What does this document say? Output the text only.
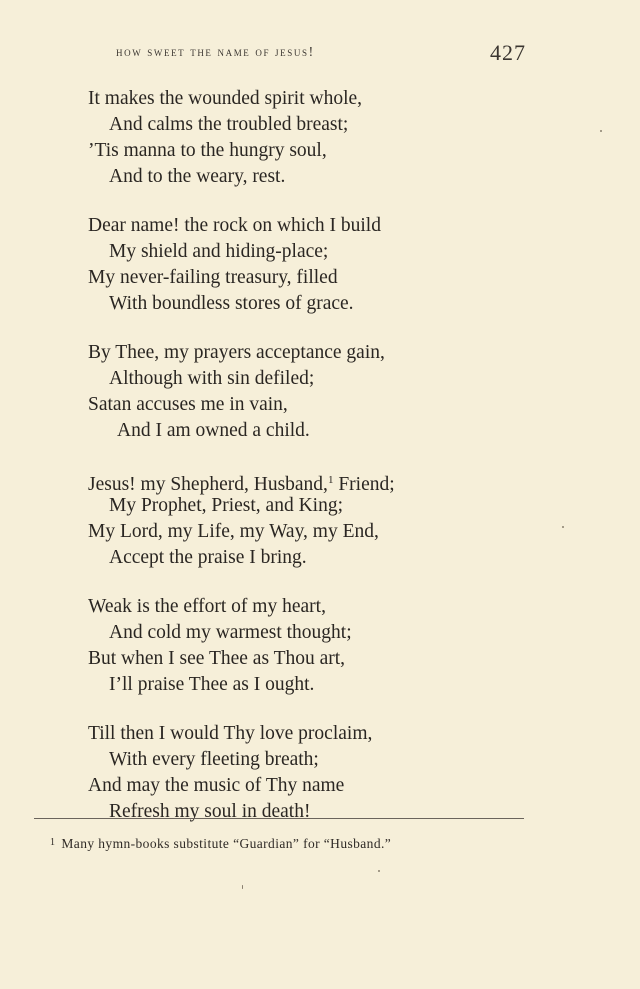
how sweet the name of jesus!	427
It makes the wounded spirit whole,
And calms the troubled breast;
’Tis manna to the hungry soul,
And to the weary, rest.
Dear name! the rock on which I build
My shield and hiding-place;
My never-failing treasury, filled
With boundless stores of grace.
By Thee, my prayers acceptance gain,
Although with sin defiled;
Satan accuses me in vain,
And I am owned a child.
Jesus! my Shepherd, Husband,$^1$ Friend;
My Prophet, Priest, and King;
My Lord, my Life, my Way, my End,
Accept the praise I bring.
Weak is the effort of my heart,
And cold my warmest thought;
But when I see Thee as Thou art,
I’ll praise Thee as I ought.
Till then I would Thy love proclaim,
With every fleeting breath;
And may the music of Thy name
Refresh my soul in death!
$^1$ Many hymn-books substitute “Guardian” for “Husband.”
